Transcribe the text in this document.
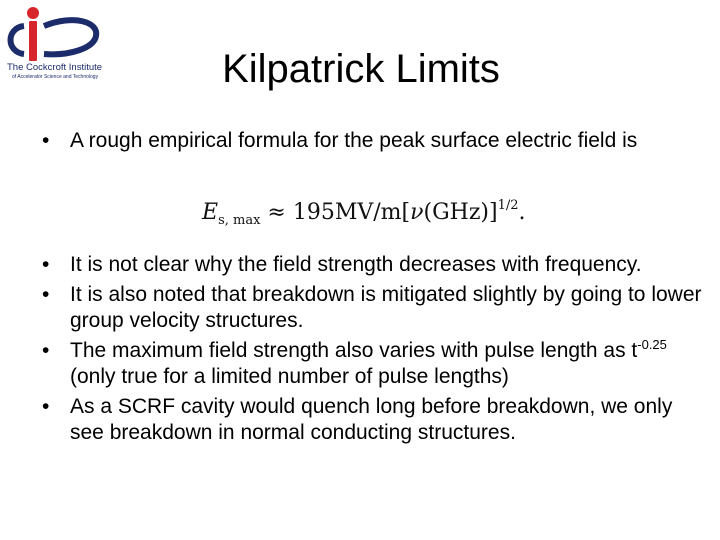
The Cockcroft Institute
of Accelerator Science and Technology	Kilpatrick Limits
• A rough empirical formula for the peak surface electric field is
$E_{s, max} \approx 195MV/m[\nu(GHz)]^{1/2}$.
• It is not clear why the field strength decreases with frequency.
• It is also noted that breakdown is mitigated slightly by going to lower group velocity structures.
• The maximum field strength also varies with pulse length as $t^{-0.25}$ (only true for a limited number of pulse lengths)
• As a SCRF cavity would quench long before breakdown, we only see breakdown in normal conducting structures.
